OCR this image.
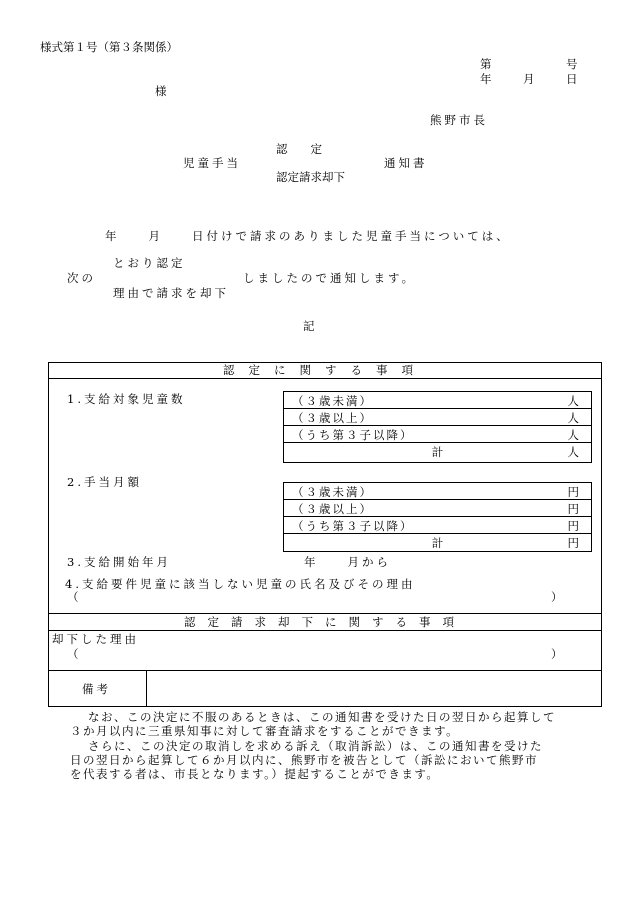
様式第１号（第３条関係）
第	号
年	月	日
様
熊野市長
認　　定
児童手当	通知書
認定請求却下
年　　月　　日付けで請求のありました児童手当については、
とおり認定
次の	しましたので通知します。
理由で請求を却下
記
認定に関する事項
1.支給対象児童数	（３歳未満）	人
（３歳以上）	人
（うち第３子以降）	人
計	人
2.手当月額
（３歳未満）	円
（３歳以上）	円
（うち第３子以降）	円
計	円
3.支給開始年月	年　　月から
4.支給要件児童に該当しない児童の氏名及びその理由
（	）
認定請求却下に関する事項
却下した理由
（	）
備考
なお、この決定に不服のあるときは、この通知書を受けた日の翌日から起算して
３か月以内に三重県知事に対して審査請求をすることができます。
さらに、この決定の取消しを求める訴え（取消訴訟）は、この通知書を受けた
日の翌日から起算して６か月以内に、熊野市を被告として（訴訟において熊野市
を代表する者は、市長となります。）提起することができます。
